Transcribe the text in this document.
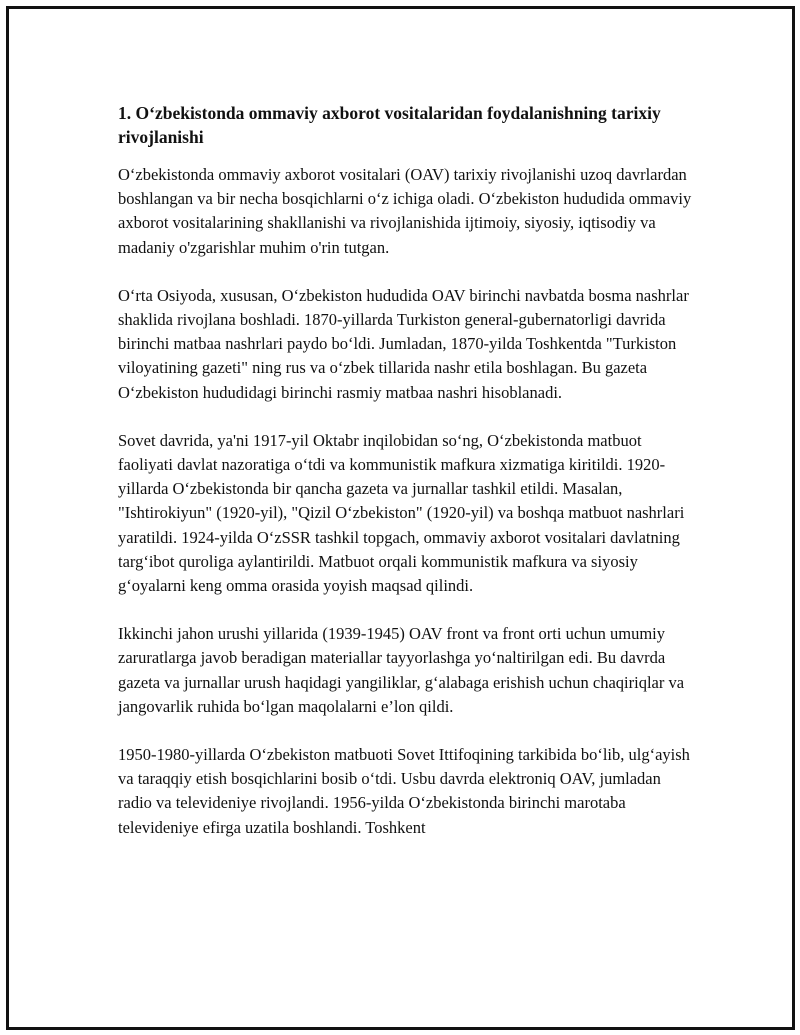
1. O‘zbekistonda ommaviy axborot vositalaridan foydalanishning tarixiy rivojlanishi

O‘zbekistonda ommaviy axborot vositalari (OAV) tarixiy rivojlanishi uzoq davrlardan boshlangan va bir necha bosqichlarni o‘z ichiga oladi. O‘zbekiston hududida ommaviy axborot vositalarining shakllanishi va rivojlanishida ijtimoiy, siyosiy, iqtisodiy va madaniy o'zgarishlar muhim o'rin tutgan.

O‘rta Osiyoda, xususan, O‘zbekiston hududida OAV birinchi navbatda bosma nashrlar shaklida rivojlana boshladi. 1870-yillarda Turkiston general-gubernatorligi davrida birinchi matbaa nashrlari paydo bo‘ldi. Jumladan, 1870-yilda Toshkentda "Turkiston viloyatining gazeti" ning rus va o‘zbek tillarida nashr etila boshlagan. Bu gazeta O‘zbekiston hududidagi birinchi rasmiy matbaa nashri hisoblanadi.

Sovet davrida, ya'ni 1917-yil Oktabr inqilobidan so‘ng, O‘zbekistonda matbuot faoliyati davlat nazoratiga o‘tdi va kommunistik mafkura xizmatiga kiritildi. 1920-yillarda O‘zbekistonda bir qancha gazeta va jurnallar tashkil etildi. Masalan, "Ishtirokiyun" (1920-yil), "Qizil O‘zbekiston" (1920-yil) va boshqa matbuot nashrlari yaratildi. 1924-yilda O‘zSSR tashkil topgach, ommaviy axborot vositalari davlatning targ‘ibot quroliga aylantirildi. Matbuot orqali kommunistik mafkura va siyosiy g‘oyalarni keng omma orasida yoyish maqsad qilindi.

Ikkinchi jahon urushi yillarida (1939-1945) OAV front va front orti uchun umumiy zaruratlarga javob beradigan materiallar tayyorlashga yo‘naltirilgan edi. Bu davrda gazeta va jurnallar urush haqidagi yangiliklar, g‘alabaga erishish uchun chaqiriqlar va jangovarlik ruhida bo‘lgan maqolalarni e’lon qildi.

1950-1980-yillarda O‘zbekiston matbuoti Sovet Ittifoqining tarkibida bo‘lib, ulg‘ayish va taraqqiy etish bosqichlarini bosib o‘tdi. Usbu davrda elektroniq OAV, jumladan radio va televideniye rivojlandi. 1956-yilda O‘zbekistonda birinchi marotaba televideniye efirga uzatila boshlandi. Toshkent
